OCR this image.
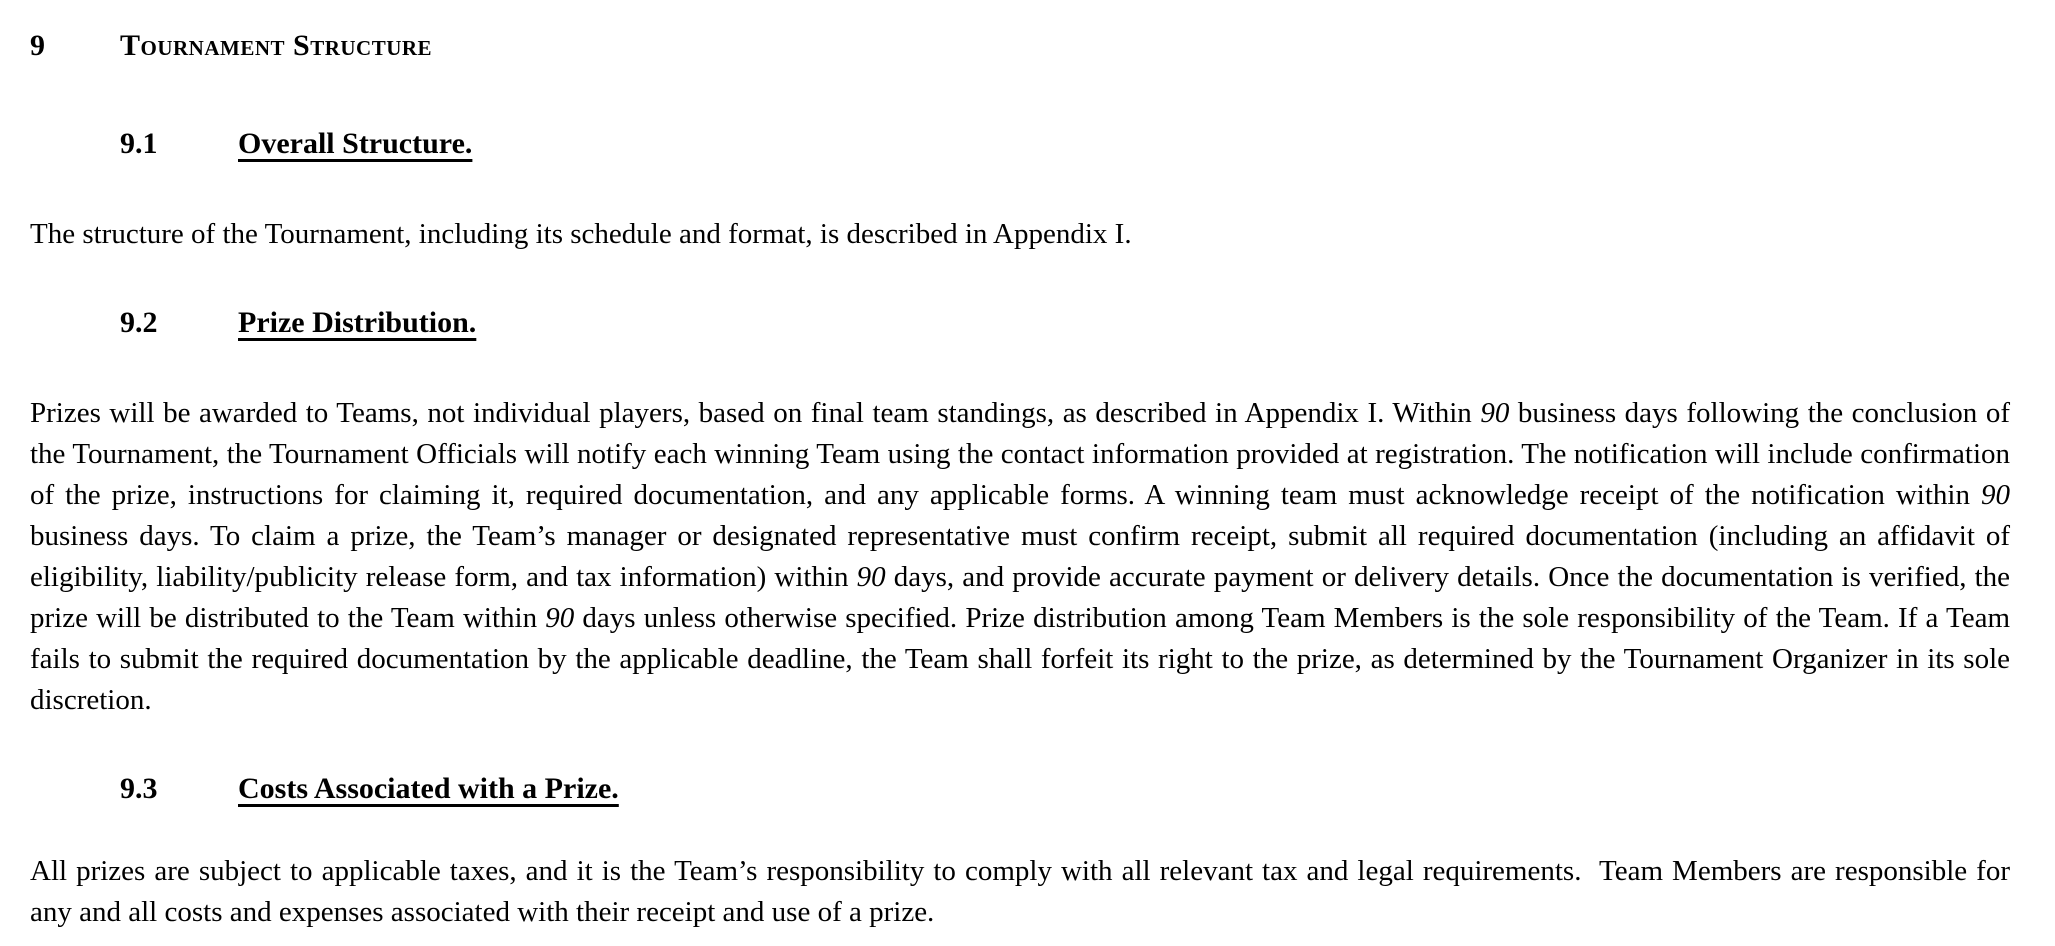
9	Tournament Structure
9.1	Overall Structure.

The structure of the Tournament, including its schedule and format, is described in Appendix I.

9.2	Prize Distribution.

Prizes will be awarded to Teams, not individual players, based on final team standings, as described in Appendix I. Within 90 business days following the conclusion of the Tournament, the Tournament Officials will notify each winning Team using the contact information provided at registration. The notification will include confirmation of the prize, instructions for claiming it, required documentation, and any applicable forms. A winning team must acknowledge receipt of the notification within 90 business days. To claim a prize, the Team’s manager or designated representative must confirm receipt, submit all required documentation (including an affidavit of eligibility, liability/publicity release form, and tax information) within 90 days, and provide accurate payment or delivery details. Once the documentation is verified, the prize will be distributed to the Team within 90 days unless otherwise specified. Prize distribution among Team Members is the sole responsibility of the Team. If a Team fails to submit the required documentation by the applicable deadline, the Team shall forfeit its right to the prize, as determined by the Tournament Organizer in its sole discretion.

9.3	Costs Associated with a Prize.

All prizes are subject to applicable taxes, and it is the Team’s responsibility to comply with all relevant tax and legal requirements.  Team Members are responsible for any and all costs and expenses associated with their receipt and use of a prize.
